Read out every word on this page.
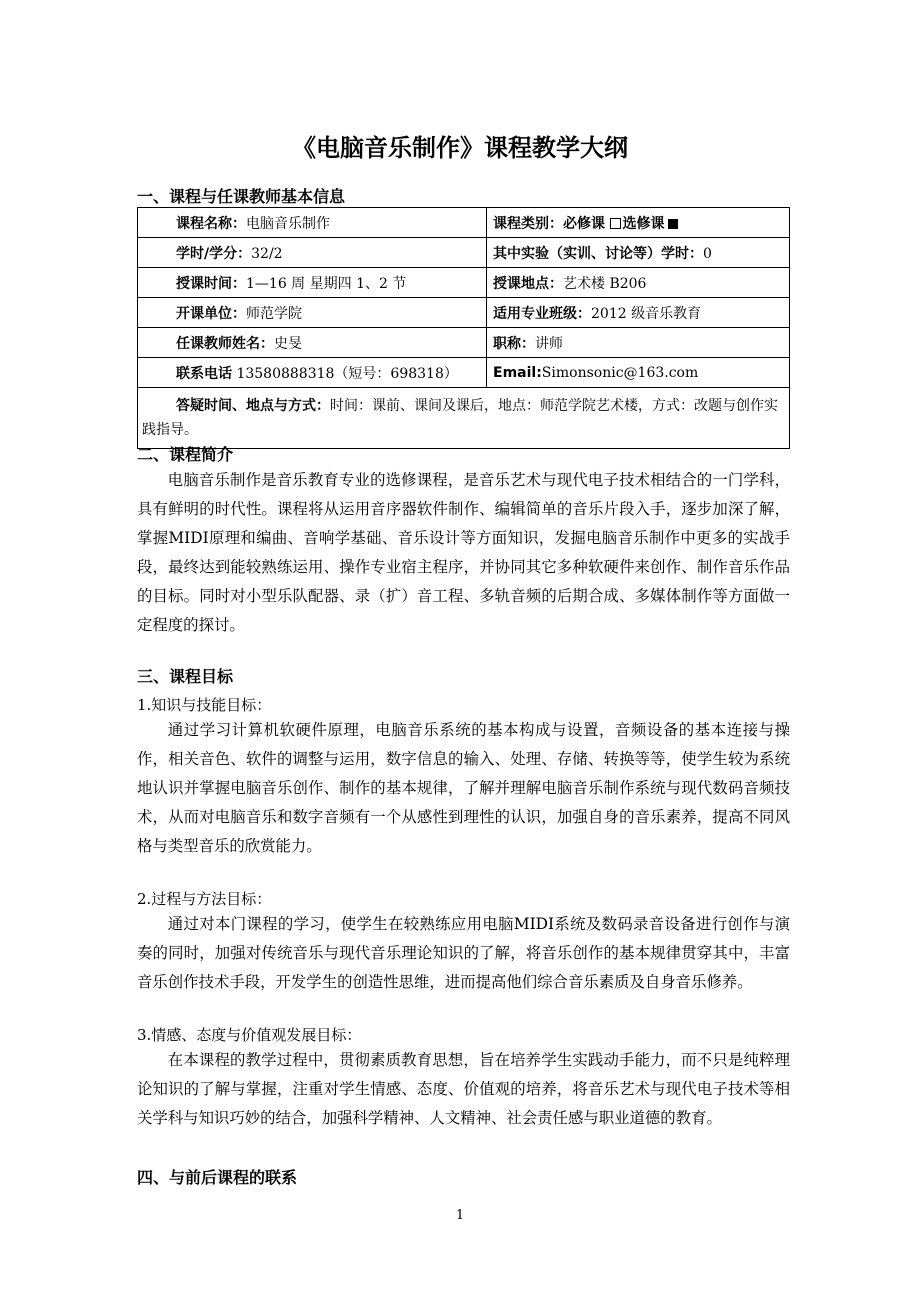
《电脑音乐制作》课程教学大纲
一、课程与任课教师基本信息
课程名称：电脑音乐制作	课程类别：必修课 选修课
学时/学分：32/2	其中实验（实训、讨论等）学时：0
授课时间：1—16 周 星期四 1、2 节	授课地点：艺术楼 B206
开课单位：师范学院	适用专业班级：2012 级音乐教育
任课教师姓名：史旻	职称：讲师
联系电话 13580888318（短号：698318）	Email:Simonsonic@163.com
答疑时间、地点与方式：时间：课前、课间及课后，地点：师范学院艺术楼，方式：改题与创作实践指导。	
二、课程简介

电脑音乐制作是音乐教育专业的选修课程，是音乐艺术与现代电子技术相结合的一门学科，具有鲜明的时代性。课程将从运用音序器软件制作、编辑简单的音乐片段入手，逐步加深了解，掌握MIDI原理和编曲、音响学基础、音乐设计等方面知识，发掘电脑音乐制作中更多的实战手段，最终达到能较熟练运用、操作专业宿主程序，并协同其它多种软硬件来创作、制作音乐作品的目标。同时对小型乐队配器、录（扩）音工程、多轨音频的后期合成、多媒体制作等方面做一定程度的探讨。

三、课程目标

1.知识与技能目标：

通过学习计算机软硬件原理，电脑音乐系统的基本构成与设置，音频设备的基本连接与操作，相关音色、软件的调整与运用，数字信息的输入、处理、存储、转换等等，使学生较为系统地认识并掌握电脑音乐创作、制作的基本规律，了解并理解电脑音乐制作系统与现代数码音频技术，从而对电脑音乐和数字音频有一个从感性到理性的认识，加强自身的音乐素养，提高不同风格与类型音乐的欣赏能力。

2.过程与方法目标：

通过对本门课程的学习，使学生在较熟练应用电脑MIDI系统及数码录音设备进行创作与演奏的同时，加强对传统音乐与现代音乐理论知识的了解，将音乐创作的基本规律贯穿其中，丰富音乐创作技术手段，开发学生的创造性思维，进而提高他们综合音乐素质及自身音乐修养。

3.情感、态度与价值观发展目标：

在本课程的教学过程中，贯彻素质教育思想，旨在培养学生实践动手能力，而不只是纯粹理论知识的了解与掌握，注重对学生情感、态度、价值观的培养，将音乐艺术与现代电子技术等相关学科与知识巧妙的结合，加强科学精神、人文精神、社会责任感与职业道德的教育。

四、与前后课程的联系
1
